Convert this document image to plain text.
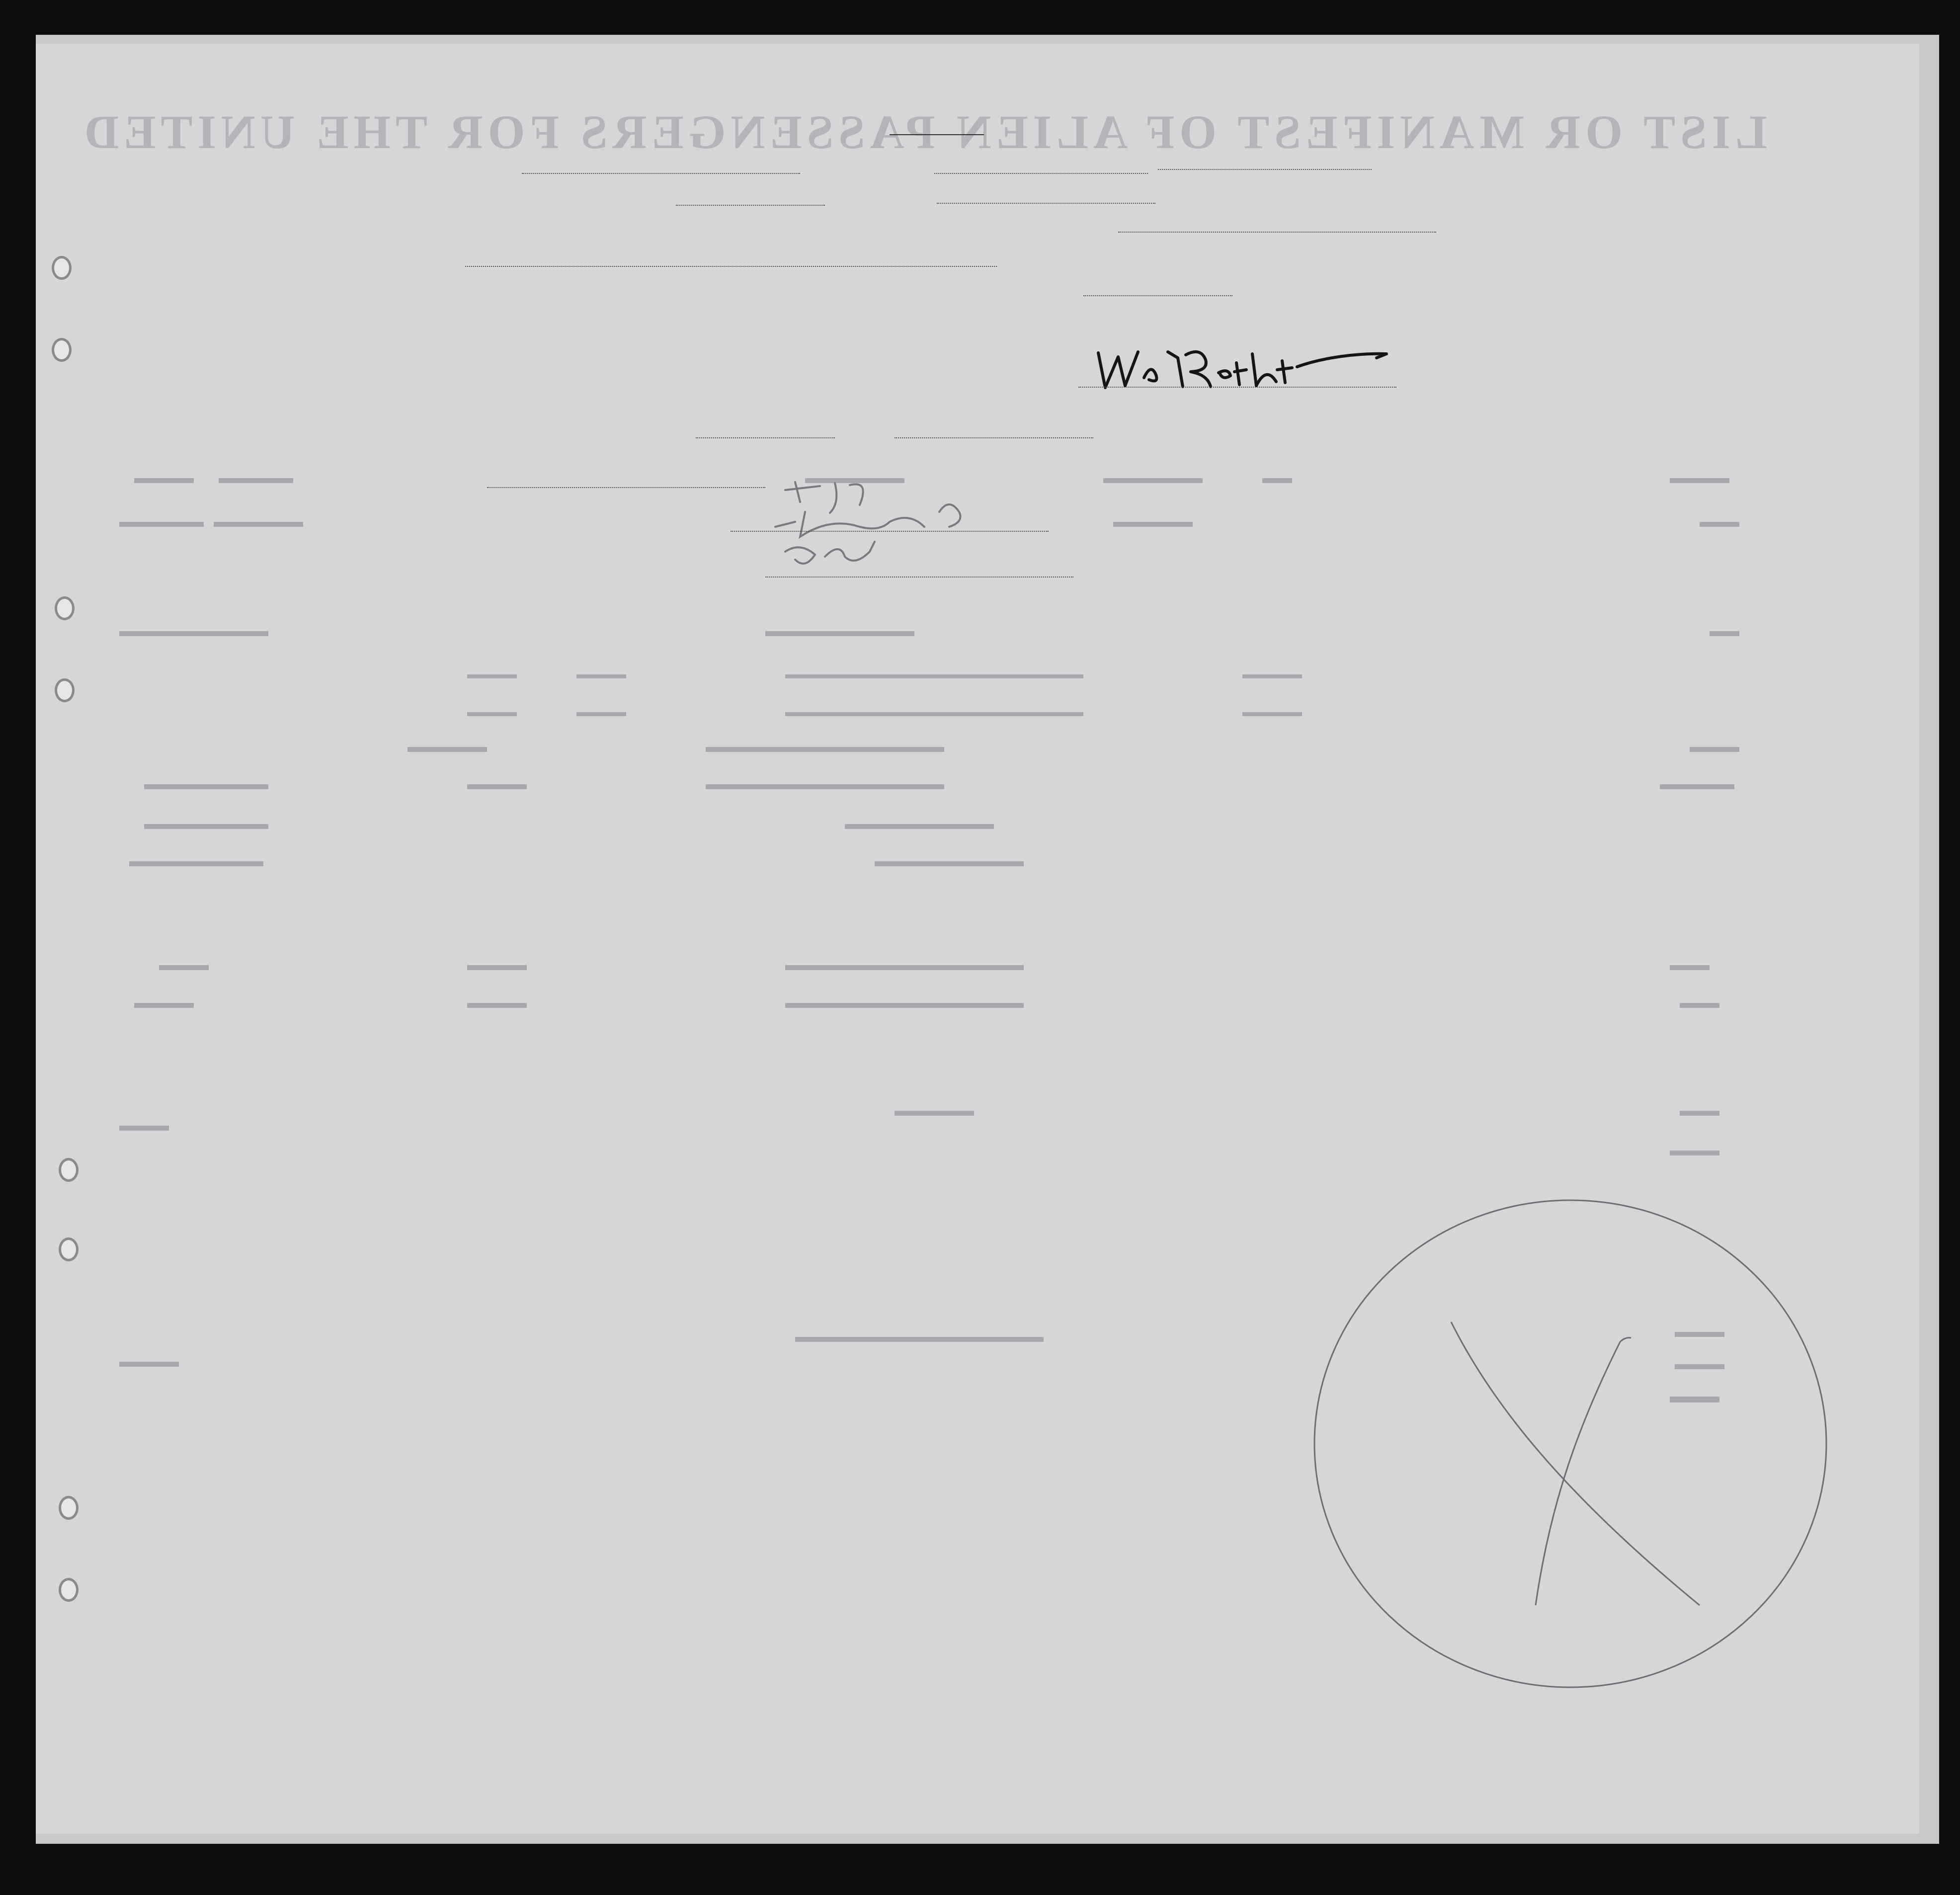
LIST OR MANIFEST OF ALIEN PASSENGERS FOR THE UNITED
